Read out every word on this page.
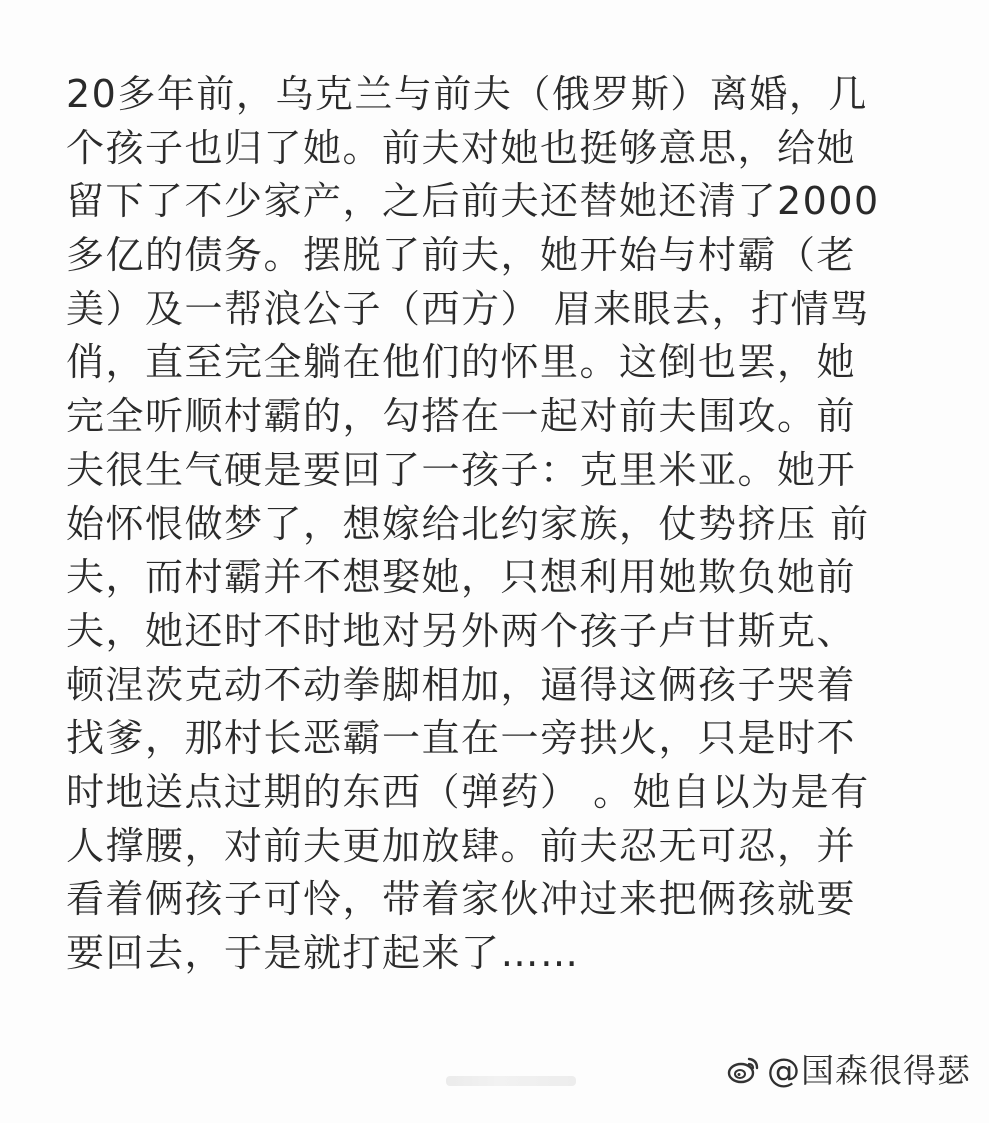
20多年前，乌克兰与前夫（俄罗斯）离婚，几
个孩子也归了她。前夫对她也挺够意思，给她
留下了不少家产，之后前夫还替她还清了2000
多亿的债务。摆脱了前夫，她开始与村霸（老
美）及一帮浪公子（西方） 眉来眼去，打情骂
俏，直至完全躺在他们的怀里。这倒也罢，她
完全听顺村霸的，勾搭在一起对前夫围攻。前
夫很生气硬是要回了一孩子：克里米亚。她开
始怀恨做梦了，想嫁给北约家族，仗势挤压 前
夫，而村霸并不想娶她，只想利用她欺负她前
夫，她还时不时地对另外两个孩子卢甘斯克、
顿涅茨克动不动拳脚相加，逼得这俩孩子哭着
找爹，那村长恶霸一直在一旁拱火，只是时不
时地送点过期的东西（弹药） 。她自以为是有
人撑腰，对前夫更加放肆。前夫忍无可忍，并
看着俩孩子可怜，带着家伙冲过来把俩孩就要
要回去，于是就打起来了……
@国森很得瑟
